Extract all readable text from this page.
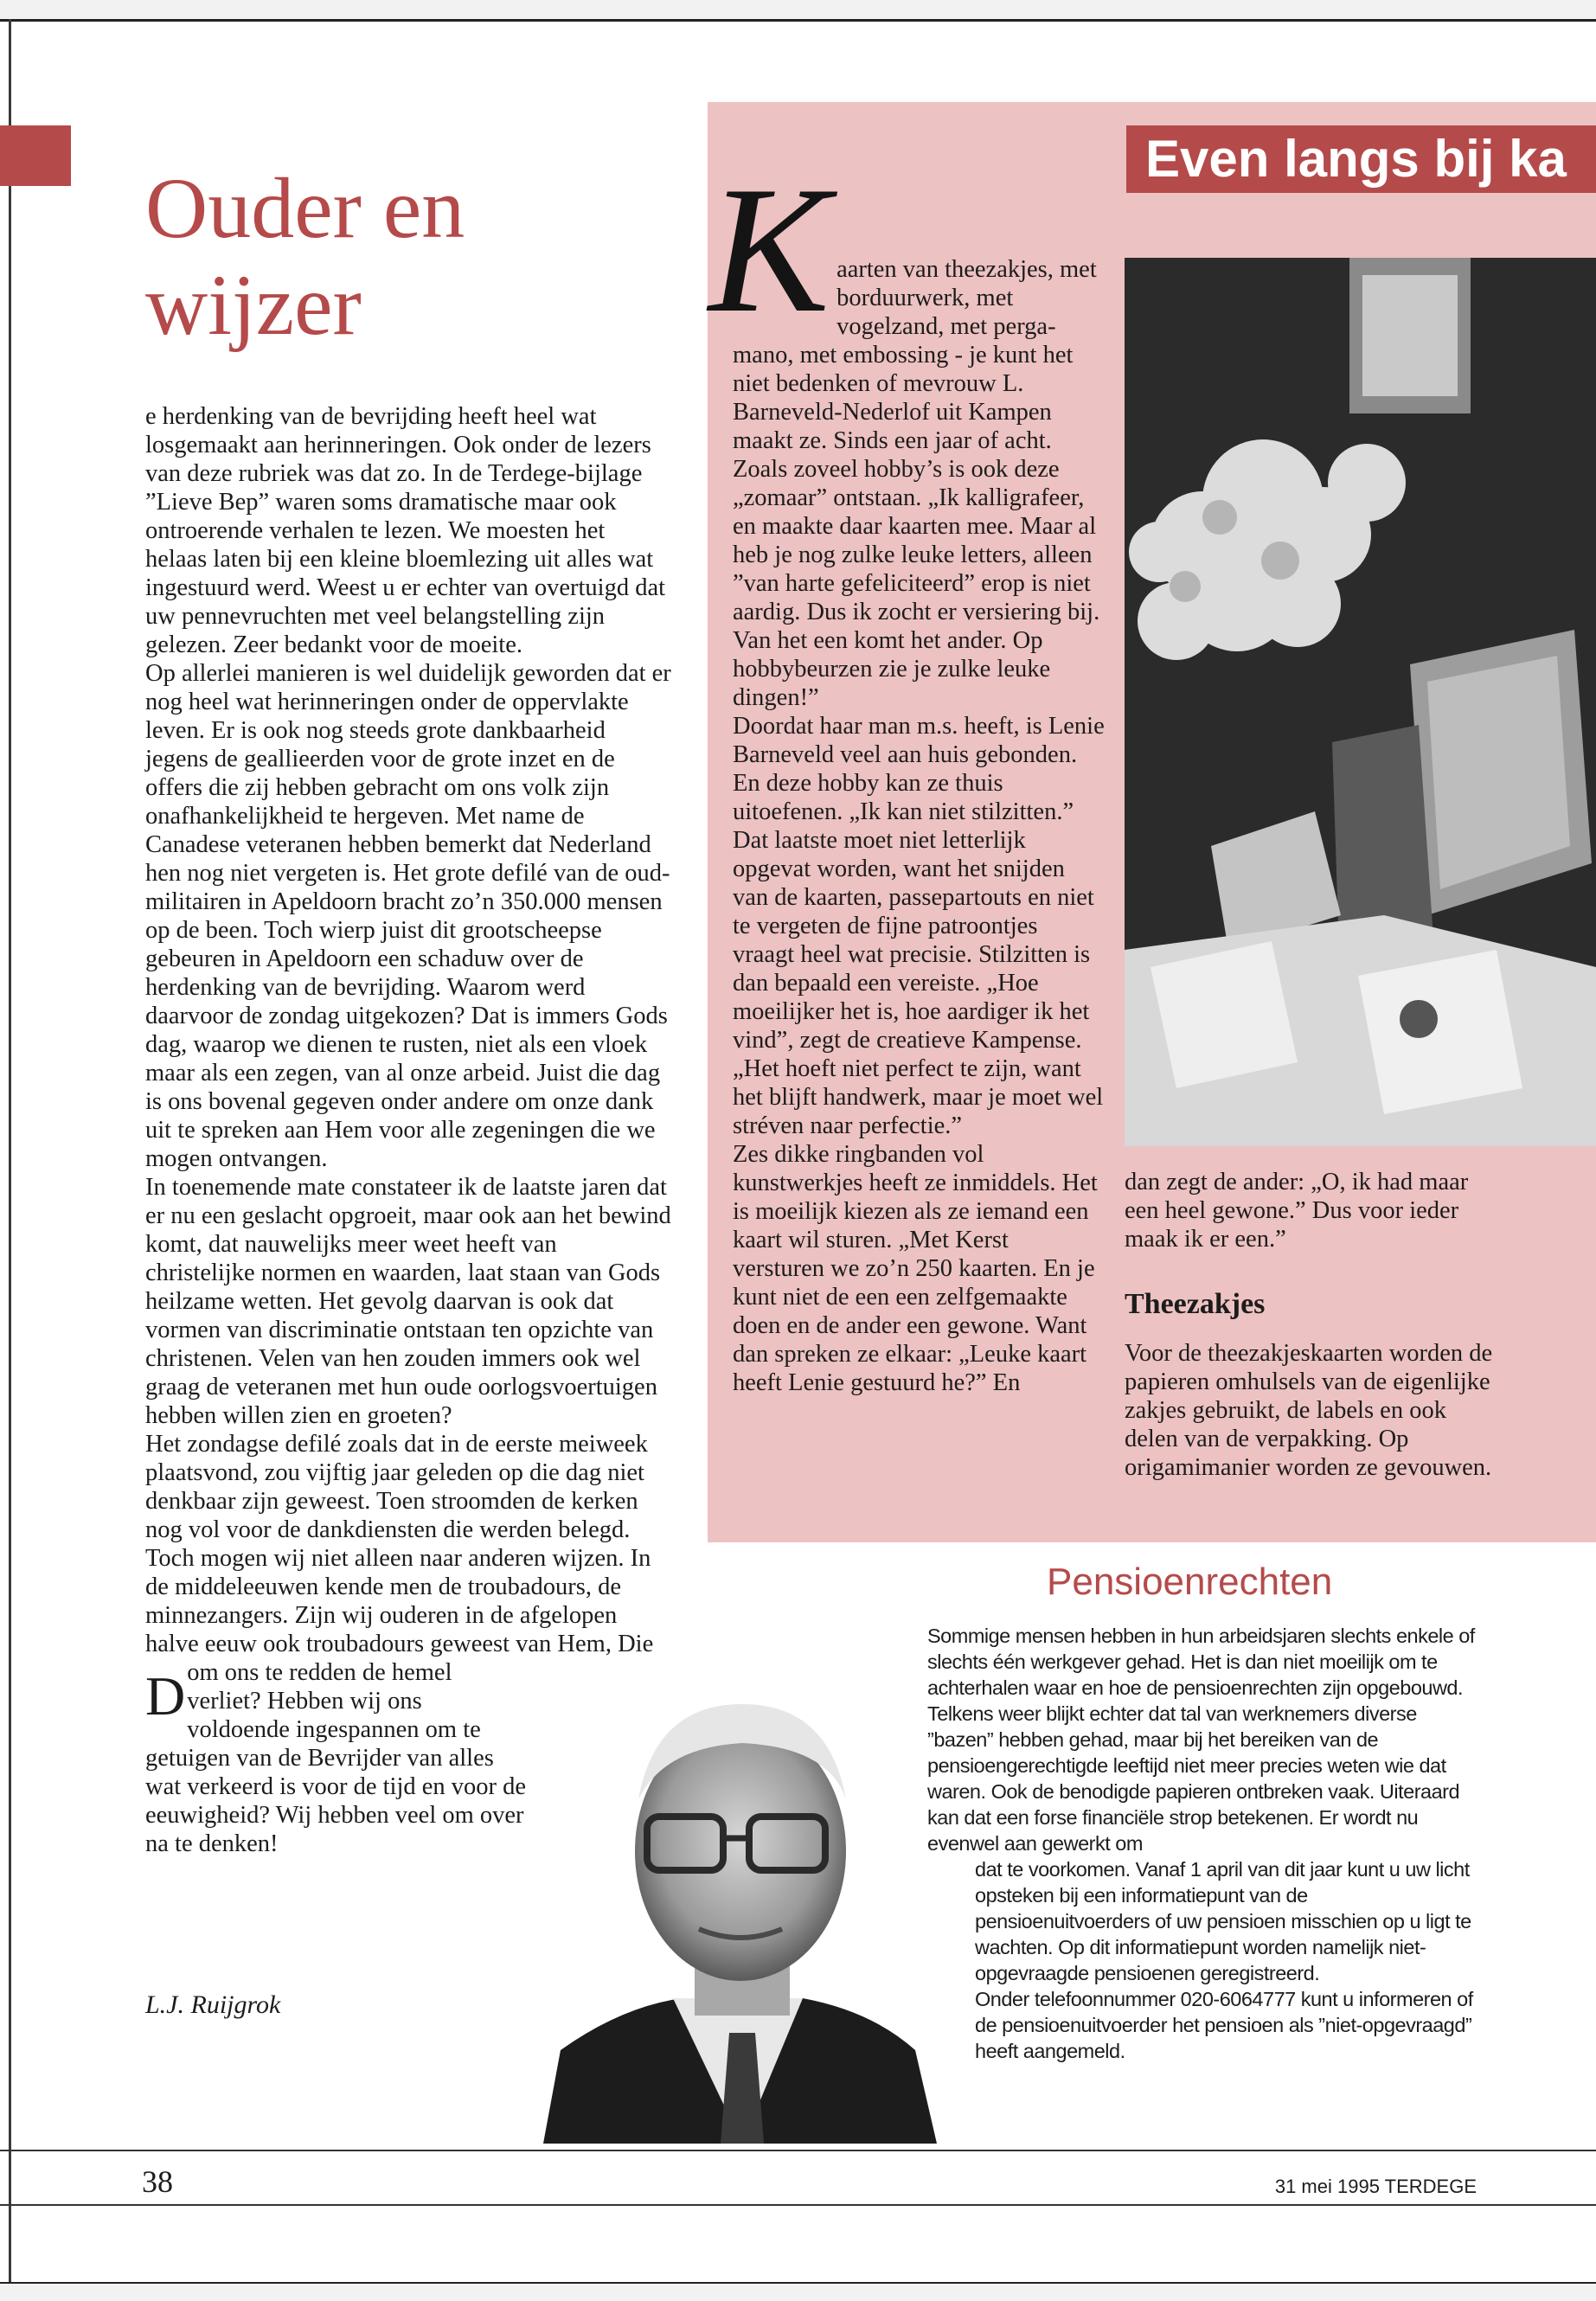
Even langs bij ka
Ouder en
wijzer

D
e herdenking van de bevrijding heeft heel wat losgemaakt aan herinneringen. Ook onder de lezers van deze rubriek was dat zo. In de Terdege-bijlage ”Lieve Bep” waren soms dramatische maar ook ontroerende verhalen te lezen. We moesten het helaas laten bij een kleine bloemlezing uit alles wat ingestuurd werd. Weest u er echter van overtuigd dat uw pennevruchten met veel belangstelling zijn gelezen. Zeer bedankt voor de moeite.

Op allerlei manieren is wel duidelijk geworden dat er nog heel wat herinneringen onder de oppervlakte leven. Er is ook nog steeds grote dankbaarheid jegens de geallieerden voor de grote inzet en de offers die zij hebben gebracht om ons volk zijn onafhankelijkheid te hergeven. Met name de Canadese veteranen hebben bemerkt dat Nederland hen nog niet vergeten is. Het grote defilé van de oud-militairen in Apeldoorn bracht zo’n 350.000 mensen op de been. Toch wierp juist dit grootscheepse gebeuren in Apeldoorn een schaduw over de herdenking van de bevrijding. Waarom werd daarvoor de zondag uitgekozen? Dat is immers Gods dag, waarop we dienen te rusten, niet als een vloek maar als een zegen, van al onze arbeid. Juist die dag is ons bovenal gegeven onder andere om onze dank uit te spreken aan Hem voor alle zegeningen die we mogen ontvangen.

In toenemende mate constateer ik de laatste jaren dat er nu een geslacht opgroeit, maar ook aan het bewind komt, dat nauwelijks meer weet heeft van christelijke normen en waarden, laat staan van Gods heilzame wetten. Het gevolg daarvan is ook dat vormen van discriminatie ontstaan ten opzichte van christenen. Velen van hen zouden immers ook wel graag de veteranen met hun oude oorlogsvoertuigen hebben willen zien en groeten?

Het zondagse defilé zoals dat in de eerste meiweek plaatsvond, zou vijftig jaar geleden op die dag niet denkbaar zijn geweest. Toen stroomden de kerken nog vol voor de dankdiensten die werden belegd. Toch mogen wij niet alleen naar anderen wijzen. In de middeleeuwen kende men de troubadours, de minnezangers. Zijn wij ouderen in de afgelopen halve eeuw ook troubadours geweest van Hem, Die om ons te redden de hemel verliet? Hebben wij ons voldoende ingespannen om te getuigen van de Bevrijder van alles wat verkeerd is voor de tijd en voor de eeuwigheid? Wij hebben veel om over na te denken!

L.J. Ruijgrok

Kaarten van theezakjes, met borduurwerk, met vogelzand, met pergamano, met embossing - je kunt het niet bedenken of mevrouw L. Barneveld-Nederlof uit Kampen maakt ze. Sinds een jaar of acht. Zoals zoveel hobby’s is ook deze „zomaar” ontstaan. „Ik kalligrafeer, en maakte daar kaarten mee. Maar al heb je nog zulke leuke letters, alleen ”van harte gefeliciteerd” erop is niet aardig. Dus ik zocht er versiering bij. Van het een komt het ander. Op hobbybeurzen zie je zulke leuke dingen!”

Doordat haar man m.s. heeft, is Lenie Barneveld veel aan huis gebonden. En deze hobby kan ze thuis uitoefenen. „Ik kan niet stilzitten.” Dat laatste moet niet letterlijk opgevat worden, want het snijden van de kaarten, passepartouts en niet te vergeten de fijne patroontjes vraagt heel wat precisie. Stilzitten is dan bepaald een vereiste. „Hoe moeilijker het is, hoe aardiger ik het vind”, zegt de creatieve Kampense. „Het hoeft niet perfect te zijn, want het blijft handwerk, maar je moet wel stréven naar perfectie.”

Zes dikke ringbanden vol kunstwerkjes heeft ze inmiddels. Het is moeilijk kiezen als ze iemand een kaart wil sturen. „Met Kerst versturen we zo’n 250 kaarten. En je kunt niet de een een zelfgemaakte doen en de ander een gewone. Want dan spreken ze elkaar: „Leuke kaart heeft Lenie gestuurd he?” En

dan zegt de ander: „O, ik had maar een heel gewone.” Dus voor ieder maak ik er een.”

Theezakjes

Voor de theezakjeskaarten worden de papieren omhulsels van de eigenlijke zakjes gebruikt, de labels en ook delen van de verpakking. Op origamimanier worden ze gevouwen.

Pensioenrechten

Sommige mensen hebben in hun arbeidsjaren slechts enkele of slechts één werkgever gehad. Het is dan niet moeilijk om te achterhalen waar en hoe de pensioenrechten zijn opgebouwd. Telkens weer blijkt echter dat tal van werknemers diverse ”bazen” hebben gehad, maar bij het bereiken van de pensioengerechtigde leeftijd niet meer precies weten wie dat waren. Ook de benodigde papieren ontbreken vaak. Uiteraard kan dat een forse financiële strop betekenen. Er wordt nu evenwel aan gewerkt om

dat te voorkomen. Vanaf 1 april van dit jaar kunt u uw licht opsteken bij een informatiepunt van de pensioenuitvoerders of uw pensioen misschien op u ligt te wachten. Op dit informatiepunt worden namelijk niet-opgevraagde pensioenen geregistreerd.

Onder telefoonnummer 020-6064777 kunt u informeren of de pensioenuitvoerder het pensioen als ”niet-opgevraagd” heeft aangemeld.

38	31 mei 1995 TERDEGE
